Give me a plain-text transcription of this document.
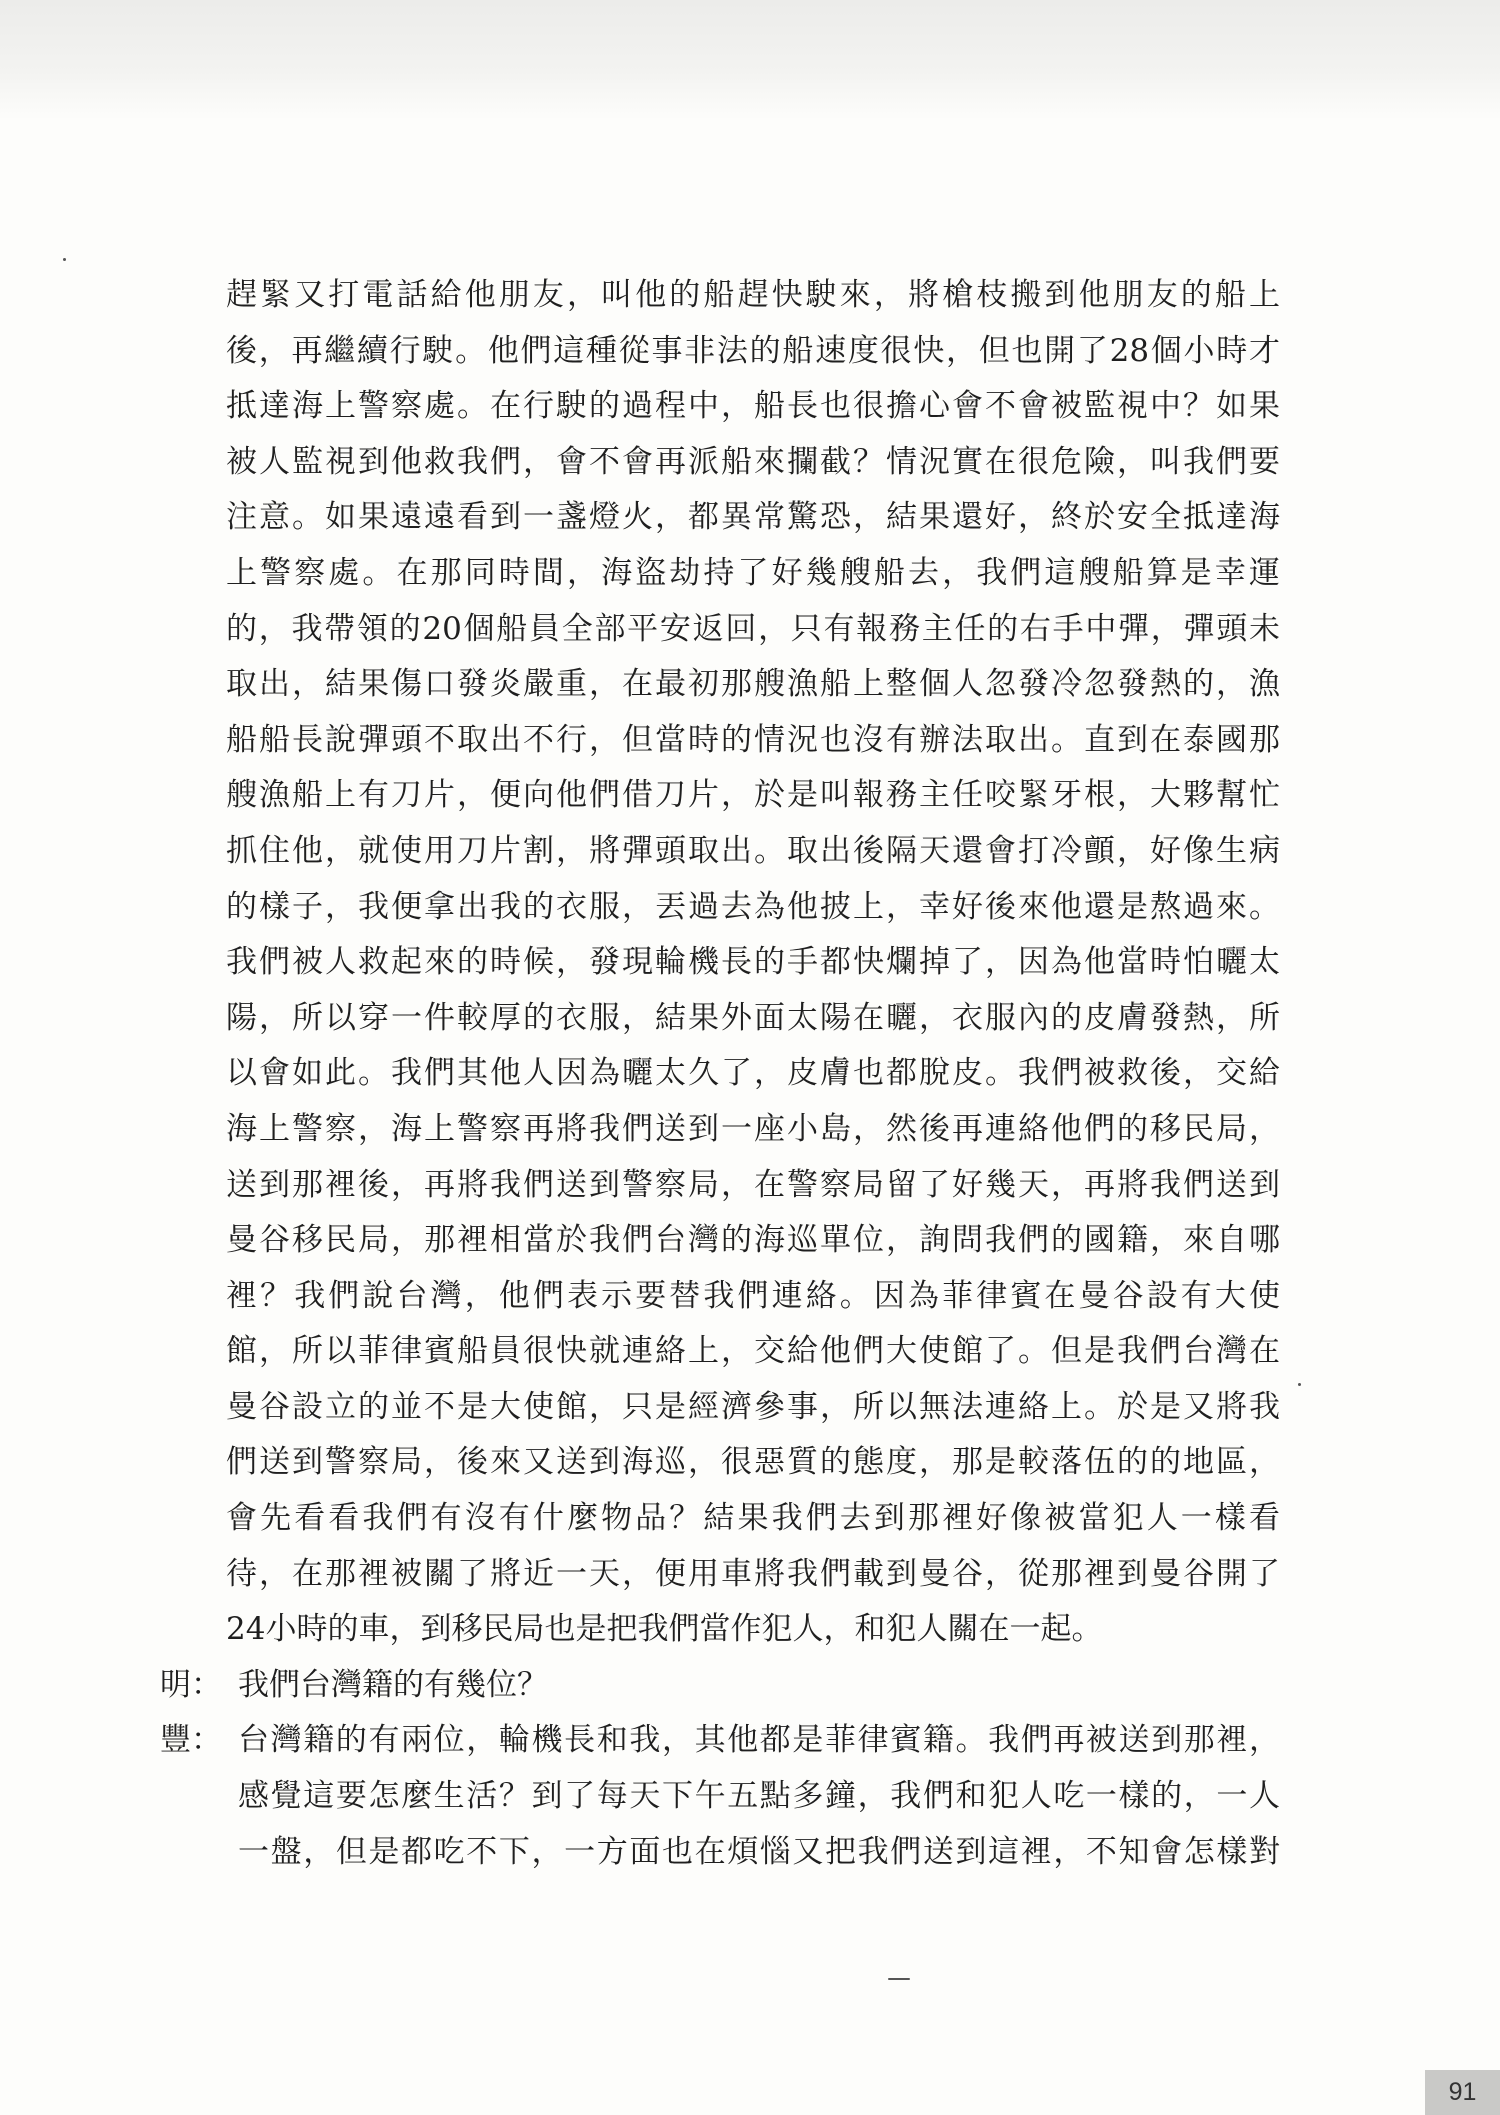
趕緊又打電話給他朋友，叫他的船趕快駛來，將槍枝搬到他朋友的船上
後，再繼續行駛。他們這種從事非法的船速度很快，但也開了28個小時才
抵達海上警察處。在行駛的過程中，船長也很擔心會不會被監視中？如果
被人監視到他救我們，會不會再派船來攔截？情況實在很危險，叫我們要
注意。如果遠遠看到一盞燈火，都異常驚恐，結果還好，終於安全抵達海
上警察處。在那同時間，海盜劫持了好幾艘船去，我們這艘船算是幸運
的，我帶領的20個船員全部平安返回，只有報務主任的右手中彈，彈頭未
取出，結果傷口發炎嚴重，在最初那艘漁船上整個人忽發冷忽發熱的，漁
船船長說彈頭不取出不行，但當時的情況也沒有辦法取出。直到在泰國那
艘漁船上有刀片，便向他們借刀片，於是叫報務主任咬緊牙根，大夥幫忙
抓住他，就使用刀片割，將彈頭取出。取出後隔天還會打冷顫，好像生病
的樣子，我便拿出我的衣服，丟過去為他披上，幸好後來他還是熬過來。
我們被人救起來的時候，發現輪機長的手都快爛掉了，因為他當時怕曬太
陽，所以穿一件較厚的衣服，結果外面太陽在曬，衣服內的皮膚發熱，所
以會如此。我們其他人因為曬太久了，皮膚也都脫皮。我們被救後，交給
海上警察，海上警察再將我們送到一座小島，然後再連絡他們的移民局，
送到那裡後，再將我們送到警察局，在警察局留了好幾天，再將我們送到
曼谷移民局，那裡相當於我們台灣的海巡單位，詢問我們的國籍，來自哪
裡？我們說台灣，他們表示要替我們連絡。因為菲律賓在曼谷設有大使
館，所以菲律賓船員很快就連絡上，交給他們大使館了。但是我們台灣在
曼谷設立的並不是大使館，只是經濟參事，所以無法連絡上。於是又將我
們送到警察局，後來又送到海巡，很惡質的態度，那是較落伍的的地區，
會先看看我們有沒有什麼物品？結果我們去到那裡好像被當犯人一樣看
待，在那裡被關了將近一天，便用車將我們載到曼谷，從那裡到曼谷開了
24小時的車，到移民局也是把我們當作犯人，和犯人關在一起。
明： 我們台灣籍的有幾位？
豐： 台灣籍的有兩位，輪機長和我，其他都是菲律賓籍。我們再被送到那裡，
感覺這要怎麼生活？到了每天下午五點多鐘，我們和犯人吃一樣的，一人
一盤，但是都吃不下，一方面也在煩惱又把我們送到這裡，不知會怎樣對
91
